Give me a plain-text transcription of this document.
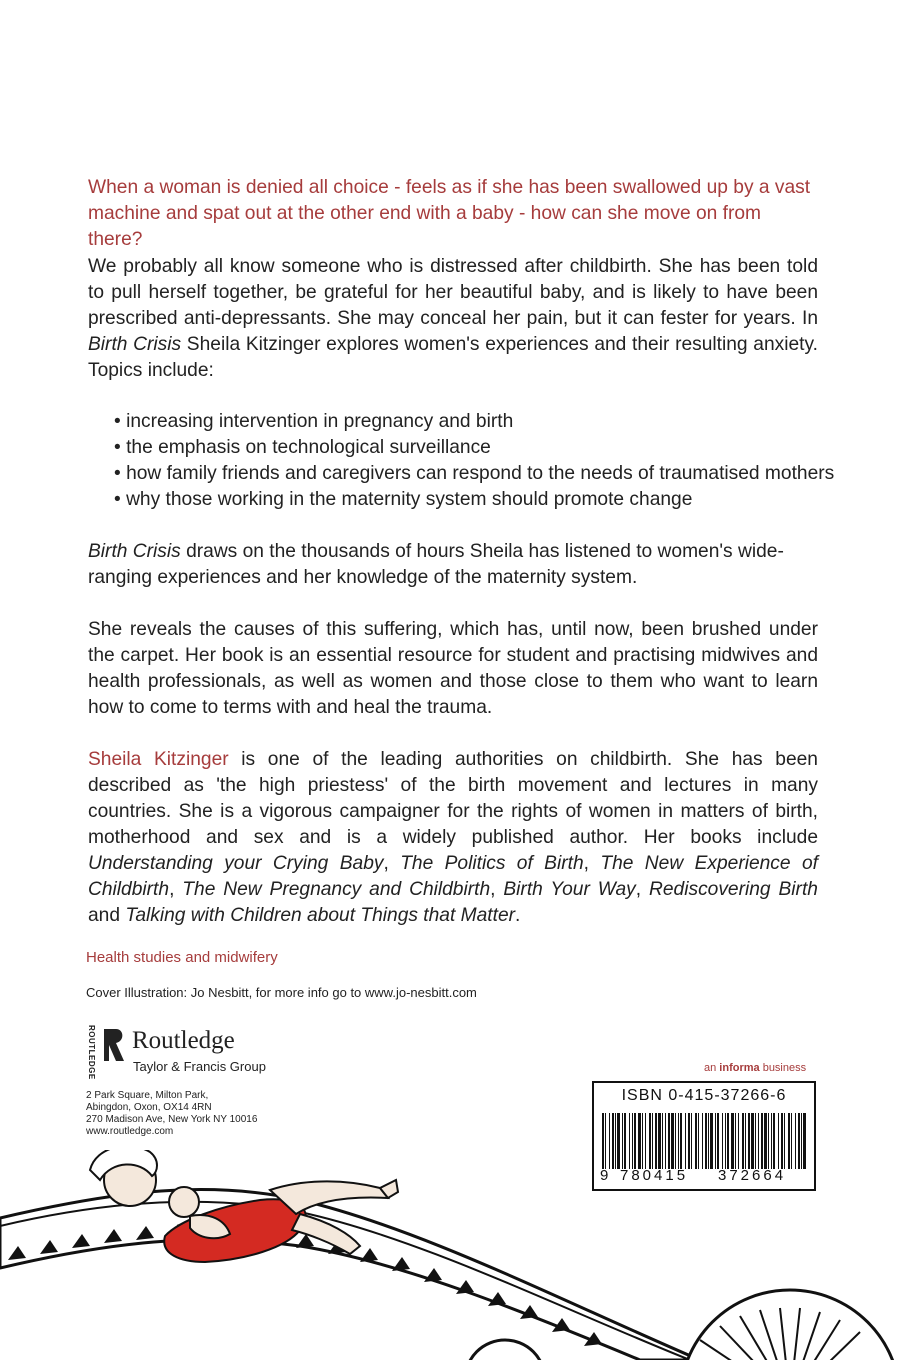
When a woman is denied all choice - feels as if she has been swallowed up by a vast machine and spat out at the other end with a baby - how can she move on from there?

We probably all know someone who is distressed after childbirth. She has been told to pull herself together, be grateful for her beautiful baby, and is likely to have been prescribed anti-depressants. She may conceal her pain, but it can fester for years. In Birth Crisis Sheila Kitzinger explores women's experiences and their resulting anxiety. Topics include:

• increasing intervention in pregnancy and birth
• the emphasis on technological surveillance
• how family friends and caregivers can respond to the needs of traumatised mothers
• why those working in the maternity system should promote change

Birth Crisis draws on the thousands of hours Sheila has listened to women's wide-ranging experiences and her knowledge of the maternity system.

She reveals the causes of this suffering, which has, until now, been brushed under the carpet. Her book is an essential resource for student and practising midwives and health professionals, as well as women and those close to them who want to learn how to come to terms with and heal the trauma.

Sheila Kitzinger is one of the leading authorities on childbirth. She has been described as 'the high priestess' of the birth movement and lectures in many countries. She is a vigorous campaigner for the rights of women in matters of birth, motherhood and sex and is a widely published author. Her books include Understanding your Crying Baby, The Politics of Birth, The New Experience of Childbirth, The New Pregnancy and Childbirth, Birth Your Way, Rediscovering Birth and Talking with Children about Things that Matter.

Health studies and midwifery
Cover Illustration: Jo Nesbitt, for more info go to www.jo-nesbitt.com
ROUTLEDGE Routledge
Taylor & Francis Group
2 Park Square, Milton Park,
Abingdon, Oxon, OX14 4RN
270 Madison Ave, New York NY 10016
www.routledge.com
an informa business
ISBN 0-415-37266-6
9 780415 372664
